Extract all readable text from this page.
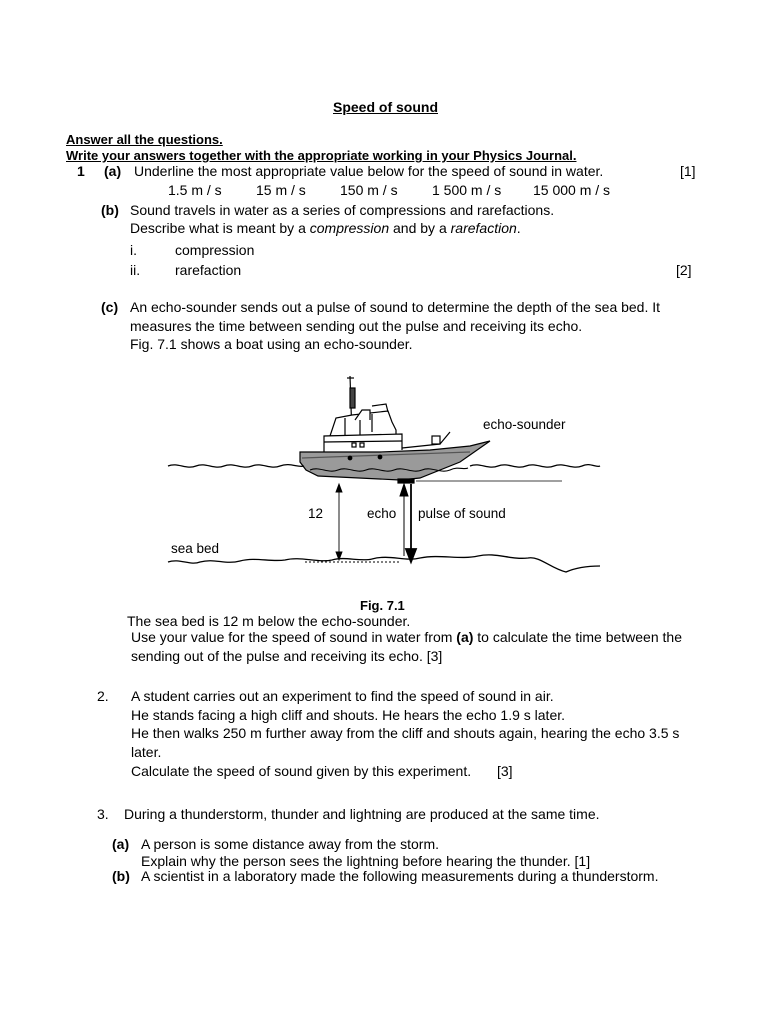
Speed of sound
Answer all the questions.
Write your answers together with the appropriate working in your Physics Journal.
1 (a) Underline the most appropriate value below for the speed of sound in water.	[1]
1.5 m / s 15 m / s 150 m / s 1 500 m / s 15 000 m / s
(b) Sound travels in water as a series of compressions and rarefactions.
Describe what is meant by a compression and by a rarefaction.
i.	compression
ii. rarefaction	[2]
(c) An echo-sounder sends out a pulse of sound to determine the depth of the sea bed. It
measures the time between sending out the pulse and receiving its echo.
Fig. 7.1 shows a boat using an echo-sounder.
echo-sounder
12	echo pulse of sound
sea bed
Fig. 7.1
The sea bed is 12 m below the echo-sounder.
Use your value for the speed of sound in water from (a) to calculate the time between the
sending out of the pulse and receiving its echo. [3]
2. A student carries out an experiment to find the speed of sound in air.
He stands facing a high cliff and shouts. He hears the echo 1.9 s later.
He then walks 250 m further away from the cliff and shouts again, hearing the echo 3.5 s
later.
Calculate the speed of sound given by this experiment. [3]
3. During a thunderstorm, thunder and lightning are produced at the same time.
(a) A person is some distance away from the storm.
Explain why the person sees the lightning before hearing the thunder. [1]
(b) A scientist in a laboratory made the following measurements during a thunderstorm.
